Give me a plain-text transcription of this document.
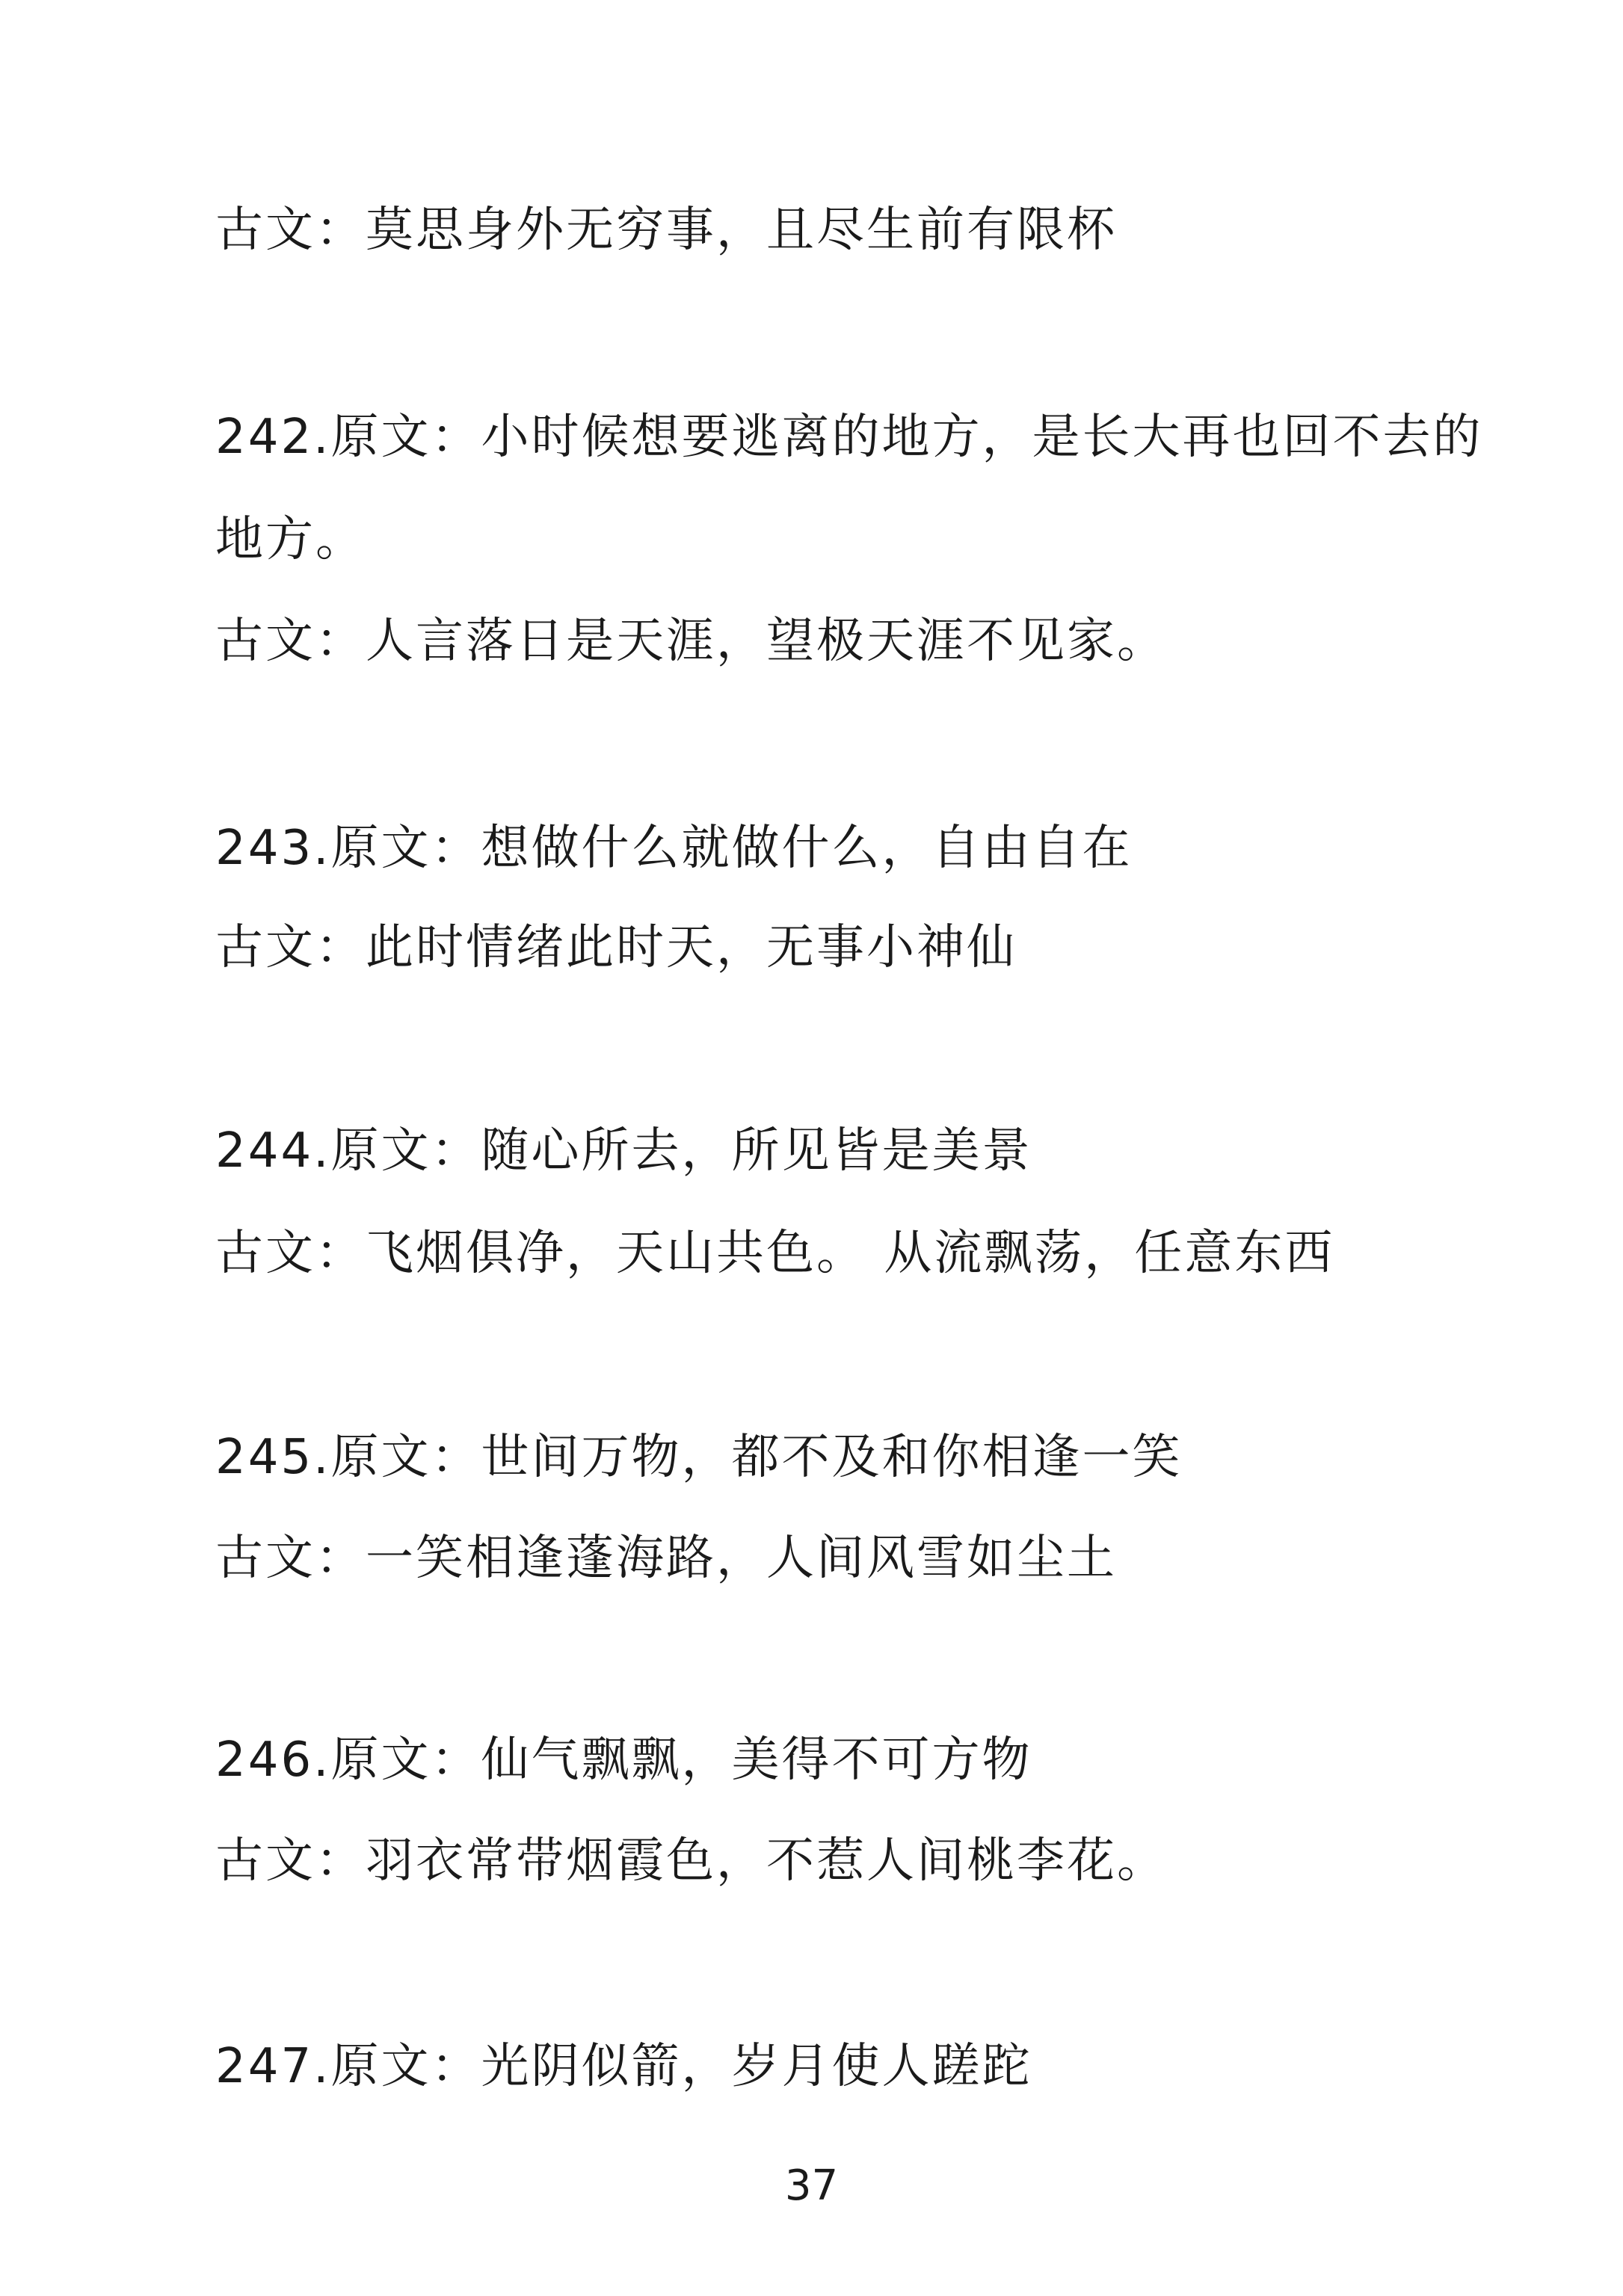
古文：莫思身外无穷事，且尽生前有限杯
242.原文：小时候想要逃离的地方，是长大再也回不去的
地方。
古文：人言落日是天涯，望极天涯不见家。
243.原文：想做什么就做什么，自由自在
古文：此时情绪此时天，无事小神仙
244.原文：随心所去，所见皆是美景
古文：飞烟俱净，天山共色。 从流飘荡，任意东西
245.原文：世间万物，都不及和你相逢一笑
古文：一笑相逢蓬海路，人间风雪如尘土
246.原文：仙气飘飘，美得不可方物
古文：羽衣常带烟霞色，不惹人间桃李花。
247.原文：光阴似箭，岁月使人蹉跎
37
